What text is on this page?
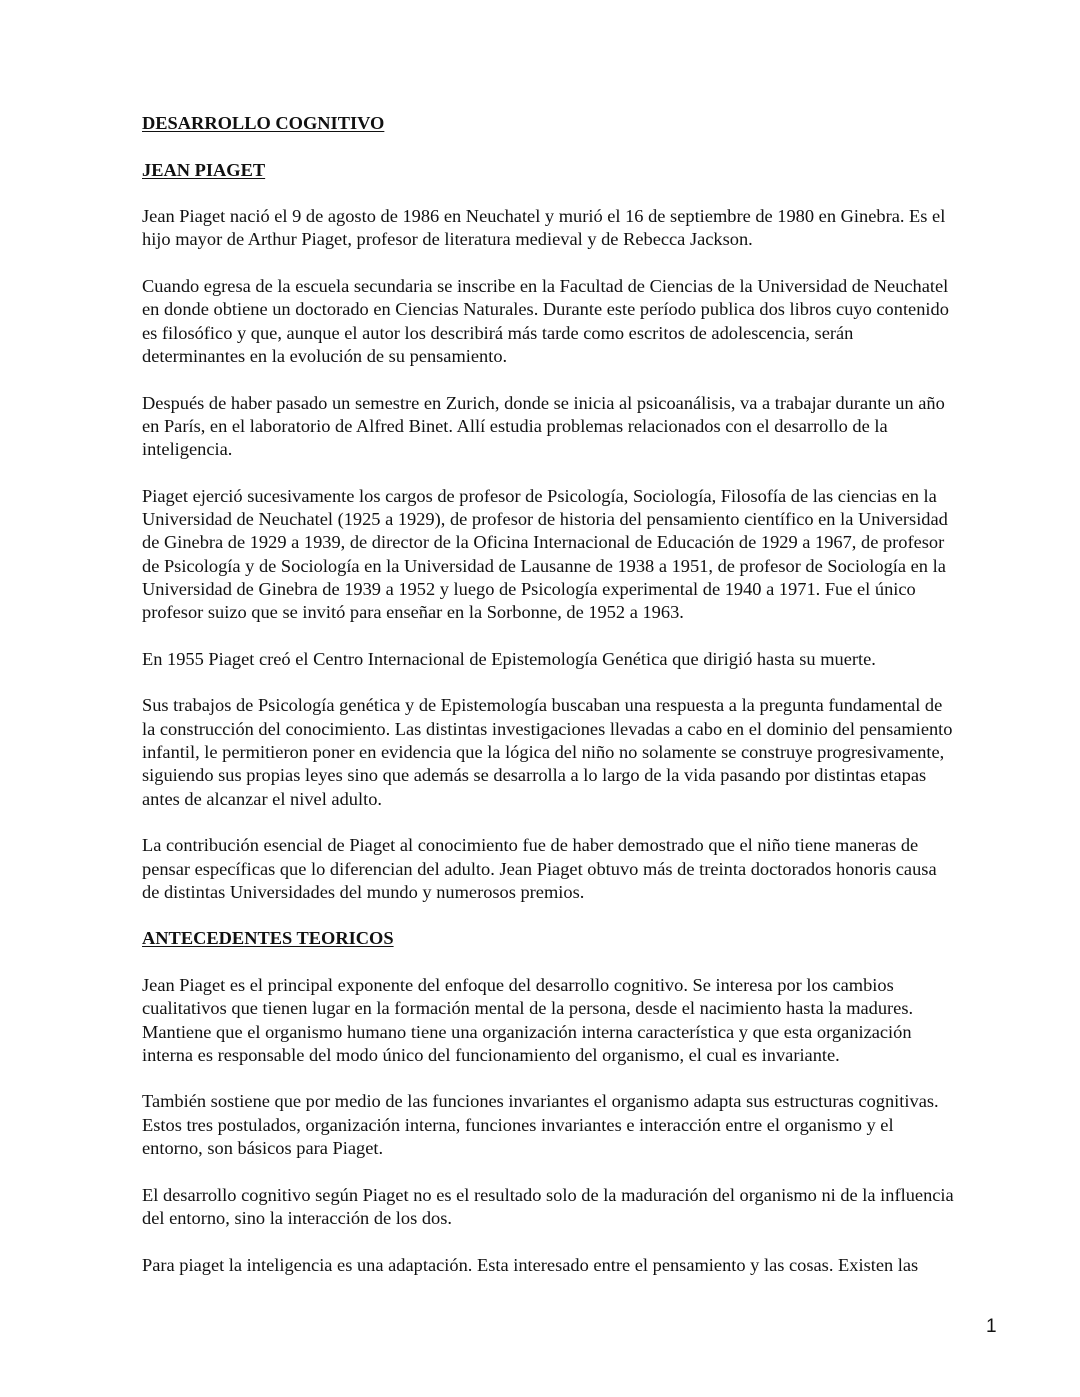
DESARROLLO COGNITIVO
JEAN PIAGET
Jean Piaget nació el 9 de agosto de 1986 en Neuchatel y murió el 16 de septiembre de 1980 en Ginebra. Es el
hijo mayor de Arthur Piaget, profesor de literatura medieval y de Rebecca Jackson.
Cuando egresa de la escuela secundaria se inscribe en la Facultad de Ciencias de la Universidad de Neuchatel
en donde obtiene un doctorado en Ciencias Naturales. Durante este período publica dos libros cuyo contenido
es filosófico y que, aunque el autor los describirá más tarde como escritos de adolescencia, serán
determinantes en la evolución de su pensamiento.
Después de haber pasado un semestre en Zurich, donde se inicia al psicoanálisis, va a trabajar durante un año
en París, en el laboratorio de Alfred Binet. Allí estudia problemas relacionados con el desarrollo de la
inteligencia.
Piaget ejerció sucesivamente los cargos de profesor de Psicología, Sociología, Filosofía de las ciencias en la
Universidad de Neuchatel (1925 a 1929), de profesor de historia del pensamiento científico en la Universidad
de Ginebra de 1929 a 1939, de director de la Oficina Internacional de Educación de 1929 a 1967, de profesor
de Psicología y de Sociología en la Universidad de Lausanne de 1938 a 1951, de profesor de Sociología en la
Universidad de Ginebra de 1939 a 1952 y luego de Psicología experimental de 1940 a 1971. Fue el único
profesor suizo que se invitó para enseñar en la Sorbonne, de 1952 a 1963.
En 1955 Piaget creó el Centro Internacional de Epistemología Genética que dirigió hasta su muerte.
Sus trabajos de Psicología genética y de Epistemología buscaban una respuesta a la pregunta fundamental de
la construcción del conocimiento. Las distintas investigaciones llevadas a cabo en el dominio del pensamiento
infantil, le permitieron poner en evidencia que la lógica del niño no solamente se construye progresivamente,
siguiendo sus propias leyes sino que además se desarrolla a lo largo de la vida pasando por distintas etapas
antes de alcanzar el nivel adulto.
La contribución esencial de Piaget al conocimiento fue de haber demostrado que el niño tiene maneras de
pensar específicas que lo diferencian del adulto. Jean Piaget obtuvo más de treinta doctorados honoris causa
de distintas Universidades del mundo y numerosos premios.
ANTECEDENTES TEORICOS
Jean Piaget es el principal exponente del enfoque del desarrollo cognitivo. Se interesa por los cambios
cualitativos que tienen lugar en la formación mental de la persona, desde el nacimiento hasta la madures.
Mantiene que el organismo humano tiene una organización interna característica y que esta organización
interna es responsable del modo único del funcionamiento del organismo, el cual es invariante.
También sostiene que por medio de las funciones invariantes el organismo adapta sus estructuras cognitivas.
Estos tres postulados, organización interna, funciones invariantes e interacción entre el organismo y el
entorno, son básicos para Piaget.
El desarrollo cognitivo según Piaget no es el resultado solo de la maduración del organismo ni de la influencia
del entorno, sino la interacción de los dos.
Para piaget la inteligencia es una adaptación. Esta interesado entre el pensamiento y las cosas. Existen las
1
